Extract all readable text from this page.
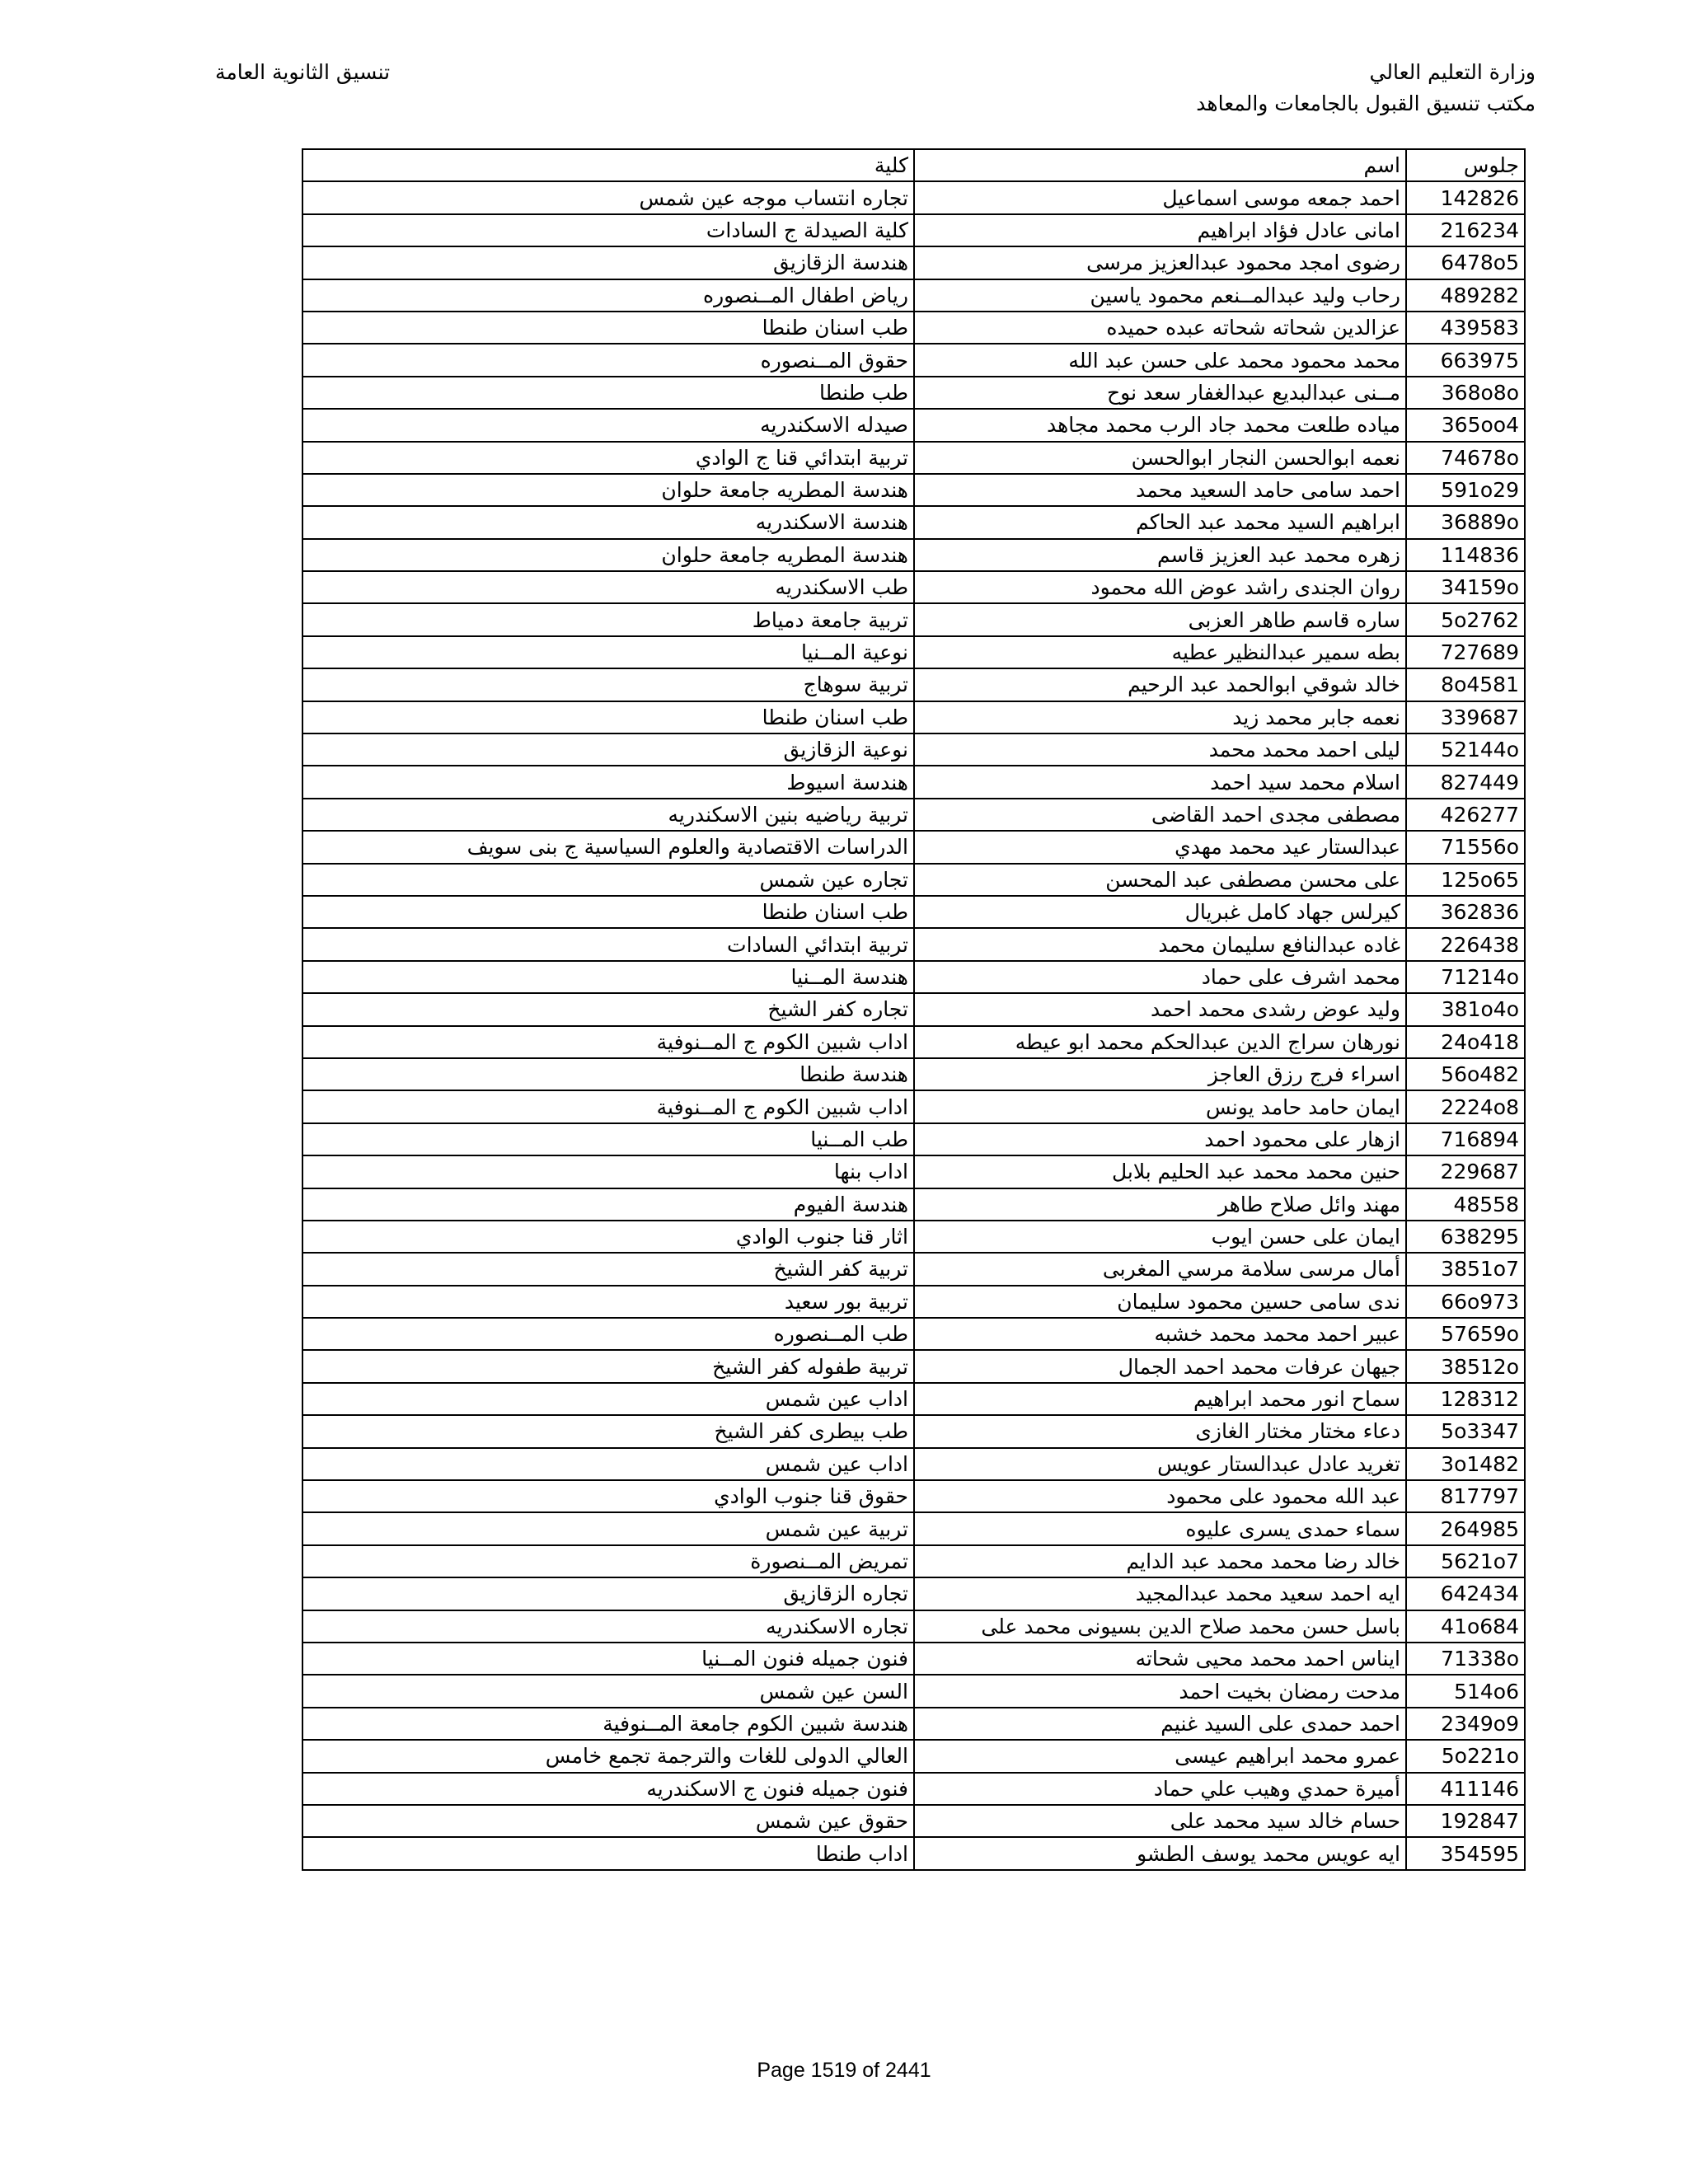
وزارة التعليم العالي
مكتب تنسيق القبول بالجامعات والمعاهد
تنسيق الثانوية العامة
جلوس	اسم	كلية
142826	احمد جمعه موسى اسماعيل	تجاره انتساب موجه عين شمس
216234	امانى عادل فؤاد ابراهيم	كلية الصيدلة ج السادات
6478o5	رضوى امجد محمود عبدالعزيز مرسى	هندسة الزقازيق
489282	رحاب وليد عبدالمــنعم محمود ياسين	رياض اطفال المــنصوره
439583	عزالدين شحاته شحاته عبده حميده	طب اسنان طنطا
663975	محمد محمود محمد على حسن عبد الله	حقوق المــنصوره
368o8o	مــنى عبدالبديع عبدالغفار سعد نوح	طب طنطا
365oo4	مياده طلعت محمد جاد الرب محمد مجاهد	صيدله الاسكندريه
74678o	نعمه ابوالحسن النجار ابوالحسن	تربية ابتدائي قنا ج الوادي
591o29	احمد سامى حامد السعيد محمد	هندسة المطريه جامعة حلوان
36889o	ابراهيم السيد محمد عبد الحاكم	هندسة الاسكندريه
114836	زهره محمد عبد العزيز قاسم	هندسة المطريه جامعة حلوان
34159o	روان الجندى راشد عوض الله محمود	طب الاسكندريه
5o2762	ساره قاسم طاهر العزبى	تربية جامعة دمياط
727689	بطه سمير عبدالنظير عطيه	نوعية المــنيا
8o4581	خالد شوقي ابوالحمد عبد الرحيم	تربية سوهاج
339687	نعمه جابر محمد زيد	طب اسنان طنطا
52144o	ليلى احمد محمد محمد	نوعية الزقازيق
827449	اسلام محمد سيد احمد	هندسة اسيوط
426277	مصطفى مجدى احمد القاضى	تربية رياضيه بنين الاسكندريه
71556o	عبدالستار عيد محمد مهدي	الدراسات الاقتصادية والعلوم السياسية ج بنى سويف
125o65	على محسن مصطفى عبد المحسن	تجاره عين شمس
362836	كيرلس جهاد كامل غبريال	طب اسنان طنطا
226438	غاده عبدالنافع سليمان محمد	تربية ابتدائي السادات
71214o	محمد اشرف على حماد	هندسة المــنيا
381o4o	وليد عوض رشدى محمد احمد	تجاره كفر الشيخ
24o418	نورهان سراج الدين عبدالحكم محمد ابو عيطه	اداب شبين الكوم ج المــنوفية
56o482	اسراء فرج رزق العاجز	هندسة طنطا
2224o8	ايمان حامد حامد يونس	اداب شبين الكوم ج المــنوفية
716894	ازهار على محمود احمد	طب المــنيا
229687	حنين محمد محمد عبد الحليم بلابل	اداب بنها
48558	مهند وائل صلاح طاهر	هندسة الفيوم
638295	ايمان على حسن ايوب	اثار قنا جنوب الوادي
3851o7	أمال مرسى سلامة مرسي المغربى	تربية كفر الشيخ
66o973	ندى سامى حسين محمود سليمان	تربية بور سعيد
57659o	عبير احمد محمد محمد خشبه	طب المــنصوره
38512o	جيهان عرفات محمد احمد الجمال	تربية طفوله كفر الشيخ
128312	سماح انور محمد ابراهيم	اداب عين شمس
5o3347	دعاء مختار مختار الغازى	طب بيطرى كفر الشيخ
3o1482	تغريد عادل عبدالستار عويس	اداب عين شمس
817797	عبد الله محمود على محمود	حقوق قنا جنوب الوادي
264985	سماء حمدى يسرى عليوه	تربية عين شمس
5621o7	خالد رضا محمد محمد عبد الدايم	تمريض المــنصورة
642434	ايه احمد سعيد محمد عبدالمجيد	تجاره الزقازيق
41o684	باسل حسن محمد صلاح الدين بسيونى محمد على	تجاره الاسكندريه
71338o	ايناس احمد محمد محيى شحاته	فنون جميله فنون المــنيا
514o6	مدحت رمضان بخيت احمد	السن عين شمس
2349o9	احمد حمدى على السيد غنيم	هندسة شبين الكوم جامعة المــنوفية
5o221o	عمرو محمد ابراهيم عيسى	العالي الدولى للغات والترجمة تجمع خامس
411146	أميرة حمدي وهيب علي حماد	فنون جميله فنون ج الاسكندريه
192847	حسام خالد سيد محمد على	حقوق عين شمس
354595	ايه عويس محمد يوسف الطشو	اداب طنطا
Page 1519 of 2441
